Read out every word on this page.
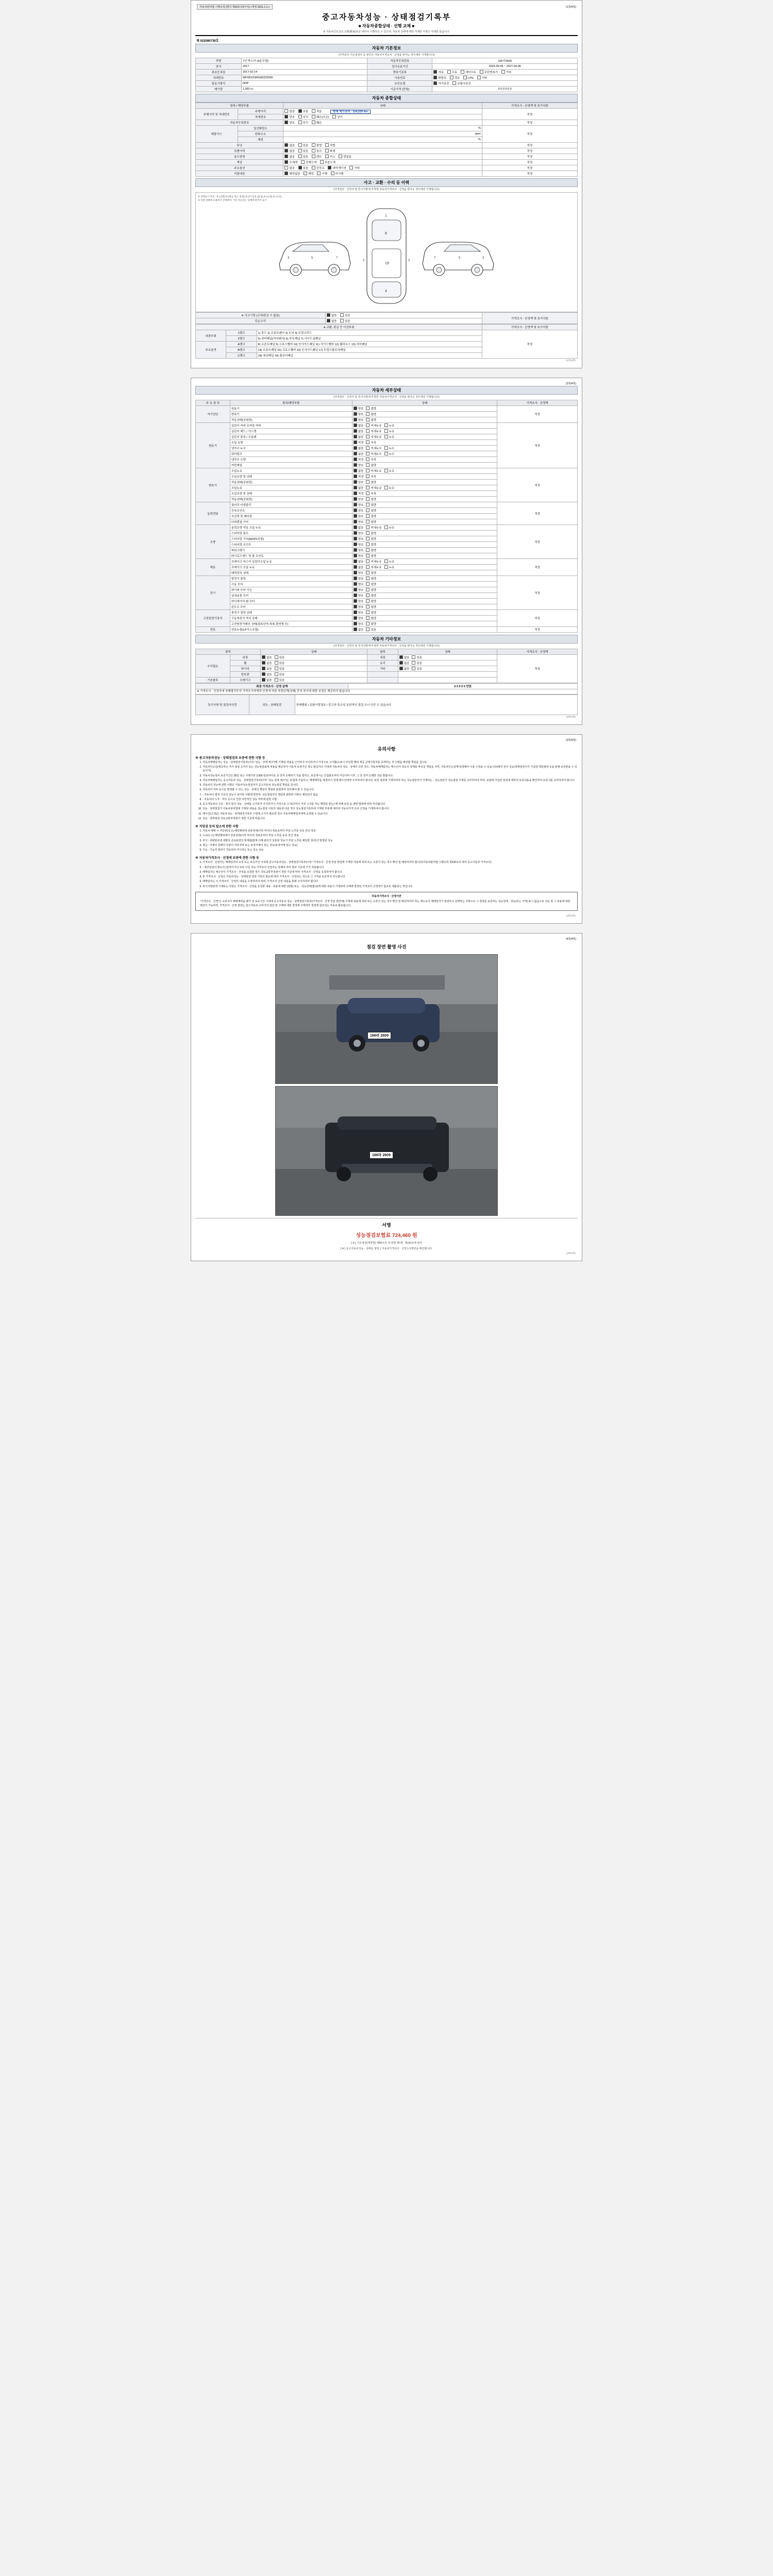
자동차관리법 시행규칙 [별지 제29호의3서식] <개정 2021.1.1.>	(1쪽/4쪽)
중고자동차성능 · 상태점검기록부
■ 자동차종합상태 · 선행 교체 ■
※ 자동차인도일로 교환(환불)보증 대하여 시행하실 수 있으며, 자동차 상태에 대한 자세한 사항은 아래와 같습니다.
제 022080739호
자동차 기본정보
(자격검사 기준점검사 등 본인은 자동차가격조사 · 산정을 받아도 경우에만 기재합니다)
차명	7인 박스카 (4륜모델)	자동차등록번호	166가2609
연식	2017	검사유효기간	2025-09-06 ~ 2027-09-05
최초등록일	2017-02-14	변속기종류	자동 수동 세미오토 무단변속기 기타
차대번호	WF0DXXWGHD222056	사용연료	휘발유 경유 LPG 기타
원동기형식	DDP	보증유형	자가보증 보험사보증
배기량	1,560 cc	기준가격 (만원)	0 0 0 0 0 0
자동차 종합상태
항목 / 해당부품		상태	가격조사 · 산정액 및 특기사항
주행거리 및 차대번호	주행거리	많음 보통 적음 현재 계기상의 : 124,220 km	적정
	차대번호	양호 부식 훼손(오손) 상이	
자동차등록번호		양호 부식 훼손	적정
배출가스	일산화탄소	%	적정
	탄화수소	ppm	
	매연	%	
튜닝		없음 있음 불법 적법	적정
특별이력		없음 있음 침수 화재	적정
용도변경		없음 있음 렌트 리스 영업용	적정
색상		무채색 전체도색 부분도색	적정
주요옵션		없음 있음 선루프 내비게이션 기타	적정
리콜대상		해당없음 해당 이행 미이행	적정
사고 · 교환 · 수리 등 이력
(자격검사 · 산정자 및 특기사항에 부착한 자동차가격조사 · 산정을 받아도 경우에만 기재합니다)
※ 상태표시 부호 : ※ (교환) ※ (판금 또는 용접) ※ (부식) ※ (흠집) ※ (요철) ※ (손상)
※ 차량 상태에 응용하기 간략하며, 기타 자동차는 상태에 맞추어 표시
3	5	7
1
8
19
4
2	2
3
5
7
※ 사고이력 (교차/판금 수 없음)	없음 있음	가격조사 · 산정액 및 특기사항
단순수리	없음 있음	
※ 교환, 판금 등 이상부위			가격조사 · 산정액 및 특기사항
외판부위	1랭크	1) 후드 2) 프론트팬더 3) 도어 4) 트렁크리드	적정
	2랭크	5) 쿼터패널(리어팬더) 6) 루프패널 7) 사이드실패널	
주요골격	A랭크	8) 프론트패널 9) 크로스멤버 10) 인사이드패널 11) 사이드멤버 12) 휠하우스 13) 리어패널	
	B랭크	14) 프론트패널 15) 크로스멤버 16) 인사이드패널 17) 트렁크플로어패널	
	C랭크	18) 대쉬패널 19) 플로어패널	
(1쪽/4쪽)
(2쪽/4쪽)
자동차 세부상태
(자격검사 · 산정자 및 특기사항에 부착한 자동차가격조사 · 산정을 받아도 경우에만 기재합니다)
주 요 장 치	항목/해당부품	상태	가격조사 · 산정액
자기진단	원동기	양호 불량	적정
	변속기	양호 불량	
	작동상태(공회전)	양호 불량	
원동기	실린더 커버 로커암 커버	없음 미세누유 누유	적정
	실린더 헤드 / 가스켓	없음 미세누유 누유	
	실린더 블록 / 오일팬	없음 미세누유 누유	
	오일 유량	적정 부족	
	냉각수 누수	없음 미세누수 누수	
	워터펌프	없음 미세누수 누수	
	냉각수 수량	적정 부족	
	커먼레일	양호 불량	
변속기	오일누유	없음 미세누유 누유	적정
	오일유량 및 상태	적정 부족	
	작동상태(공회전)	양호 불량	
	오일누유	없음 미세누유 누유	
	오일유량 및 상태	적정 부족	
	작동상태(공회전)	양호 불량	
동력전달	클러치 어셈블리	양호 불량	적정
	등속조인트	양호 불량	
	추진축 및 베어링	양호 불량	
	디퍼렌셜 기어	양호 불량	
조향	동력조향 작동 오일 누유	없음 미세누유 누유	적정
	스티어링 펌프	양호 불량	
	스티어링 기어(MDPS포함)	양호 불량	
	스티어링 조인트	양호 불량	
	파워크랭크	양호 불량	
	타이로드엔드 및 볼 조인트	양호 불량	
제동	브레이크 마스터 실린더오일 누유	없음 미세누유 누유	적정
	브레이크 오일 누유	없음 미세누유 누유	
	배력장치 상태	양호 불량	
전기	발전기 출력	양호 불량	적정
	시동 모터	양호 불량	
	와이퍼 모터 기능	양호 불량	
	실내송풍 모터	양호 불량	
	라디에이터 팬 모터	양호 불량	
	윈도우 모터	양호 불량	
고전원전기장치	충전구 절연 상태	양호 불량	적정
	구동축전지 격리 상태	양호 불량	
	고전원전기배선 상태(접속단자,피복,절연체 등)	양호 불량	
연료	연료누출(LP가스포함)	없음 있음	적정
자동차 기타정보
(자격검사 · 산정자 및 특기사항에 부착한 자동차가격조사 · 산정을 받아도 경우에만 기재합니다)
항목		상태	항목	상태	가격조사 · 산정액
수리필요	외장	없음 있음	내장	없음 있음	적정
	휠	없음 있음	유리	없음 있음	
	타이어	없음 있음	기타	없음 있음	
	번호판	없음 있음			
기본품목	브레이크	없음 있음			
최종 가격조사 · 산정 금액	0 0 0 0 0 만원
※ 가격조사 · 산정자에 상태평가등의 가격조사자액과 산정에 의한 차량금액(상태) 간의 차이에 대한 보정은 제공되지 않습니다
특기사항 및 점검자의견	성능 · 상태점검	전매행위 / 보험이력정보 / 중고차 특수성 보완적인 점검 오너 인증 수 있습니다
(2쪽/4쪽)
(3쪽/4쪽)
유의사항
※ 중고자동차성능 · 상태점검과 보증에 관한 사항 등
1. 자동차매매업자는 성능 · 상태점검기록부(이하 "성능 · 상태 체크")에 기재된 내용을 근거하지 아니하거나 거짓으로 고지할(오표시 부당한 행위 제공 금액기록부를 중개하는 것 수행을 배상할 책임을 집니다.
2. 자동차인도일(제공하는 자가 점검 고지가 있는 성능점검표에 내용을 제공하여 이용자 보장기간 정도 발급자의 이내에 자동차의 성능 · 상태가 다른 경우, 자동차매매업자는 매수인이 취소의 상태를 바르실 책임을 지며, 자동차인도일에서(정해야 이용 수정을 수 있습니다(해당 전이 성능/상태점검기가 기입한 책임범위 등을 통해 보상받을 수 있습니다).
3. 자동차성능검사 보증기간은 30일 또는 주행거리 2,000 킬로미터로 중 먼저 도래하기 것을 말하고, 보증개시는 간접물로부터 이당이며 이후, 그 중 먼저 도래한 것을 말합니다.
4. 자동차매매업자는 중고자동차 성능 · 상태점검기록부(이하 "성능 상태 체크")는 보험에 가입하고, 매매계약을 체결하기 전에 매수인에게 고지하여야 합니다. 또한 점검에 기재하여야 하는 성능점검자가 기재하는 · 성능점검기 성능점검 기재를 교부하여야 하며, 보험에 가입된 점검에 대하여 보증내용을 확인하여 보증서를 교부하여야 합니다.
5. 자동차의 성능에 관한 사항은 자동차성능점검자가 중고자동차 성능점검 책임을 집니다.
6. 자동차의 미비 등으로 발생할 수 있는 성능 · 상태의 책임자 책임과 관련하여 검사해야 할 수 있습니다.
7. - 자동차의 법적 기준의 성능이 검사한 사항에 한하며, 성능점검자의 책임과 관련한 사항은 해당되지 않음
8. - 자동차의 노후 · 마모 등으로 인한 자연적인 성능 저하에 관한 사항
9. 중고자동차의 구조 · 장치 통의 성능 · 상태를 고지하지 아니하거나 거짓으로 고지(의미나 거짓 고지를 하는 행위를 받는) 때 피해 보상 등 관련 법령에 따라 처리됩니다.
10. 성능 · 상태점검기 자동차관리법에 기재된 내용을 성능점검 이외의 내용과 다를 경우 성능점검기록부에 기재된 부분에 대하여 자동차가격 조사 산정을 기재하여야 합니다.
11. 매수인(고객)은 자동차성능 · 상태점검기록부 수령에 고지가 필요한 경우 자동차매매업자에게 요청할 수 있습니다.
12. 성능 · 상태점검 국토교통부장관이 정한 기준에 따릅니다.
※ 저당권 등의 말소에 관한 사항
1. 자동차 매매 시 저당권(국고) 해당행위에 상술상대(이하 비지의 정보로부터 부담 노후를 유효 전산 정보
2. 노유(노수) 해당행위에서 상술상대(이하 비지의 정보로부터 부담 노후를 유효 전산 정보
3. 부식 : 차량번호에 대항의 금속표면의 현재화(화재 다해 관리가 상술된 성능가 부담 노후를 해당한 검사)가 발생된 성능
4. 결손 : 자체의 원래의 모양이 사라지며 또는 보정자체의 있는 성능(보정자체 있는 성능)
5. 기능 : 기능의 절차가 작동되지 아니하는 또는 있는 성능
※ 자동차가격조사 · 산정에 보증에 관한 사항 등
1. 가격조사 · 산정자는 매매업자의 요청 또는 보증기간 이내에 클고자동차성능 · 상태점검기록부(이하 "가격조사 · 산정 부분 한란에 기재한 내용에 허위 또는 오류가 있는 경우 확인 및 배상하여야 합니다(자동차관리법 시행규칙 제120조의 따라 중고자동차 가격조사)
2. - 계산단위의 말소의 (상태기기의 모두 이상 성능 가격조사 산정자는 당해야 하며 절차 기준에 근거 적용됩니다
3. 매매업자는 매수인이 가격조사 · 산정을 요청한 경우 국토교통부장관이 정한 기준에 따라 가격조사 · 산정을 요청하여야 합니다.
4. 본 가격조사 · 산정은 자동차성능 · 상태점검 결과 기록의 필요에 따라 가격조사 · 산정되는 것으로 그 가격을 보증하지 아니합니다.
5. 매매업자는 이 가격조사 · 산정의 내용을 수정하여야 하며, 가격조사 산정 내용을 통해 고지하여야 합니다.
6. 복기사항란에 기재되는 사항은 가격조사 · 산정을 요청한 내용 · 내용에 대한 (변화) 또는 · 성능상태(필요)에 대한 내용이 기재되며 구매에 결정된 가격조사 산정액이 참조로 제출되는 것입니다.
자동차가격조사 · 산정이란
"가격조사 · 산정"은 소비자가 매매계약을 맺기 전 보증기간 이내에 중고자동차 성능 · 상태점검기록부(가격조사 · 산정 부분 한란에) 기재에 내용에 허위 또는 오류가 있는 경우 확인 및 배상하여야 하는 제도로서 매매업자가 점검하고 선택하는 사항으로 그 결과를 보증하는 성능상태 · 성능(또는 가격) 표시 없음으로 성능 및 그 내용에 대한 배상이 가능하며, 가격조사 · 산정 결과는 참고자료로 소비자의 판단 및 구매에 대한 결정에 구매여부 결정에 참조되는 자료로 활용됩니다.
(3쪽/4쪽)
(4쪽/4쪽)
점검 장면 촬영 사진
166라 2609
166라 2609
서명
성능점검보험료 724,460 원
[ ※ ] 기준점검(계약법) 제50조의 정 관련 제1항, 제120조에 따라
[ ※ ] 중고자동차성능 · 상태를 점검, [ 자동차가격조사 · 산정 ] 사항란을 확인합니다.
(4쪽/4쪽)
